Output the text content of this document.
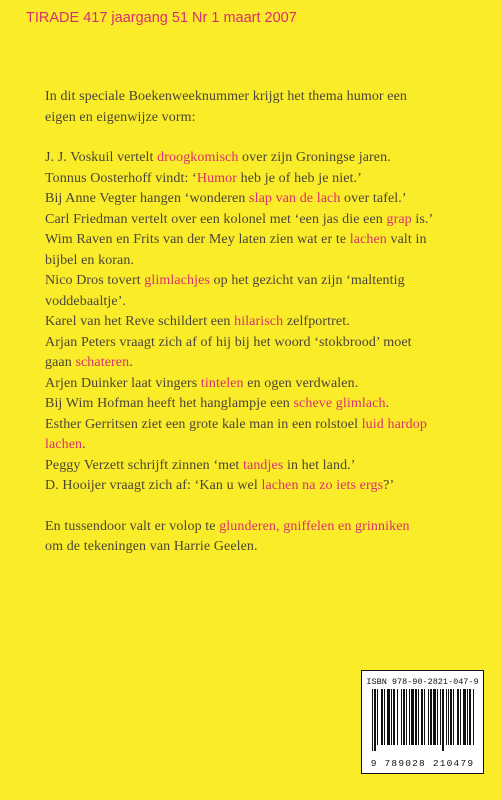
TIRADE 417 jaargang 51 Nr 1 maart 2007
In dit speciale Boekenweeknummer krijgt het thema humor een
eigen en eigenwijze vorm:
J. J. Voskuil vertelt droogkomisch over zijn Groningse jaren.
Tonnus Oosterhoff vindt: ‘Humor heb je of heb je niet.’
Bij Anne Vegter hangen ‘wonderen slap van de lach over tafel.’
Carl Friedman vertelt over een kolonel met ‘een jas die een grap is.’
Wim Raven en Frits van der Mey laten zien wat er te lachen valt in
bijbel en koran.
Nico Dros tovert glimlachjes op het gezicht van zijn ‘maltentig
voddebaaltje’.
Karel van het Reve schildert een hilarisch zelfportret.
Arjan Peters vraagt zich af of hij bij het woord ‘stokbrood’ moet
gaan schateren.
Arjen Duinker laat vingers tintelen en ogen verdwalen.
Bij Wim Hofman heeft het hanglampje een scheve glimlach.
Esther Gerritsen ziet een grote kale man in een rolstoel luid hardop
lachen.
Peggy Verzett schrijft zinnen ‘met tandjes in het land.’
D. Hooijer vraagt zich af: ‘Kan u wel lachen na zo iets ergs?’
En tussendoor valt er volop te glunderen, gniffelen en grinniken
om de tekeningen van Harrie Geelen.
ISBN 978-90-2821-047-9
9 789028 210479
